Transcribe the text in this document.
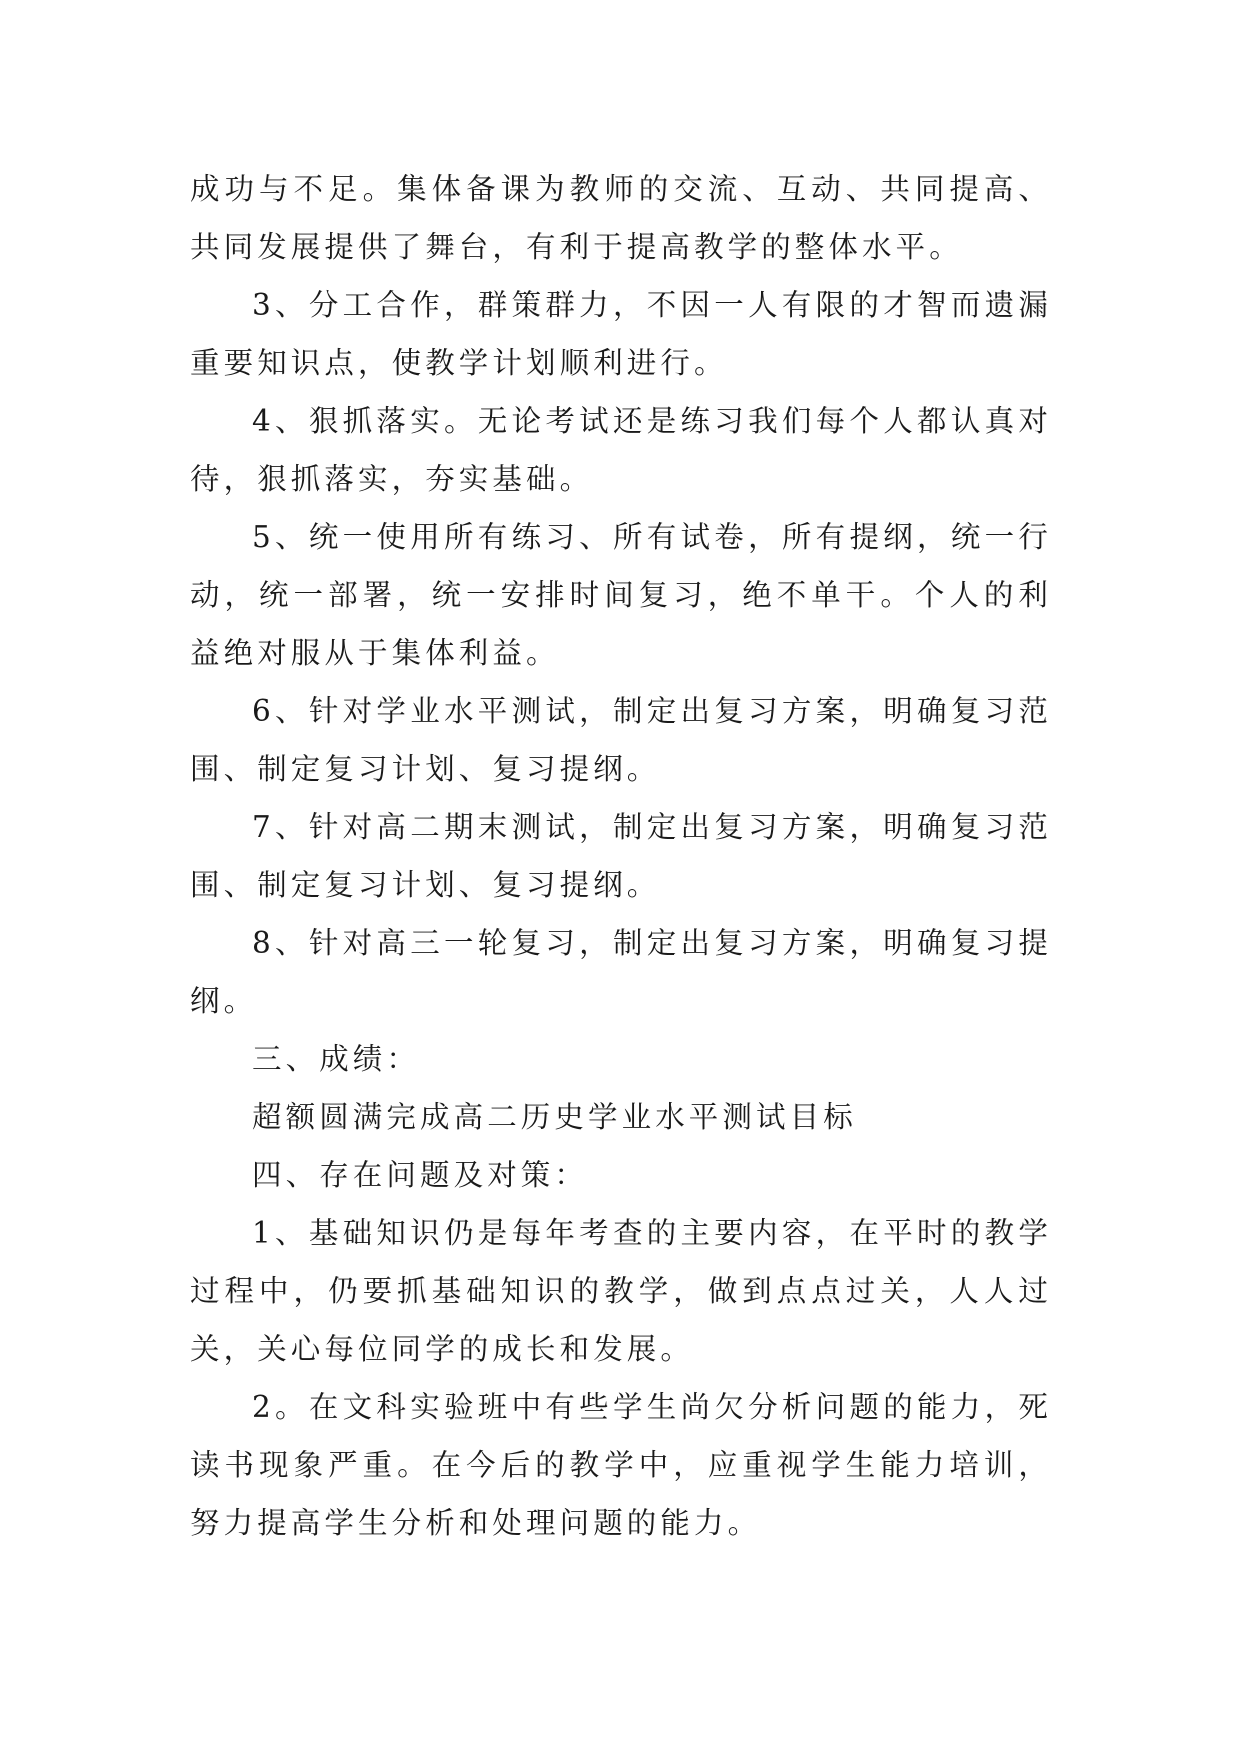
成功与不足。集体备课为教师的交流、互动、共同提高、共同发展提供了舞台，有利于提高教学的整体水平。

3、分工合作，群策群力，不因一人有限的才智而遗漏重要知识点，使教学计划顺利进行。

4、狠抓落实。无论考试还是练习我们每个人都认真对待，狠抓落实，夯实基础。

5、统一使用所有练习、所有试卷，所有提纲，统一行动，统一部署，统一安排时间复习，绝不单干。个人的利益绝对服从于集体利益。

6、针对学业水平测试，制定出复习方案，明确复习范围、制定复习计划、复习提纲。

7、针对高二期末测试，制定出复习方案，明确复习范围、制定复习计划、复习提纲。

8、针对高三一轮复习，制定出复习方案，明确复习提纲。

三、成绩：

超额圆满完成高二历史学业水平测试目标

四、存在问题及对策：

1、基础知识仍是每年考查的主要内容，在平时的教学过程中，仍要抓基础知识的教学，做到点点过关，人人过关，关心每位同学的成长和发展。

2。在文科实验班中有些学生尚欠分析问题的能力，死读书现象严重。在今后的教学中，应重视学生能力培训，努力提高学生分析和处理问题的能力。
